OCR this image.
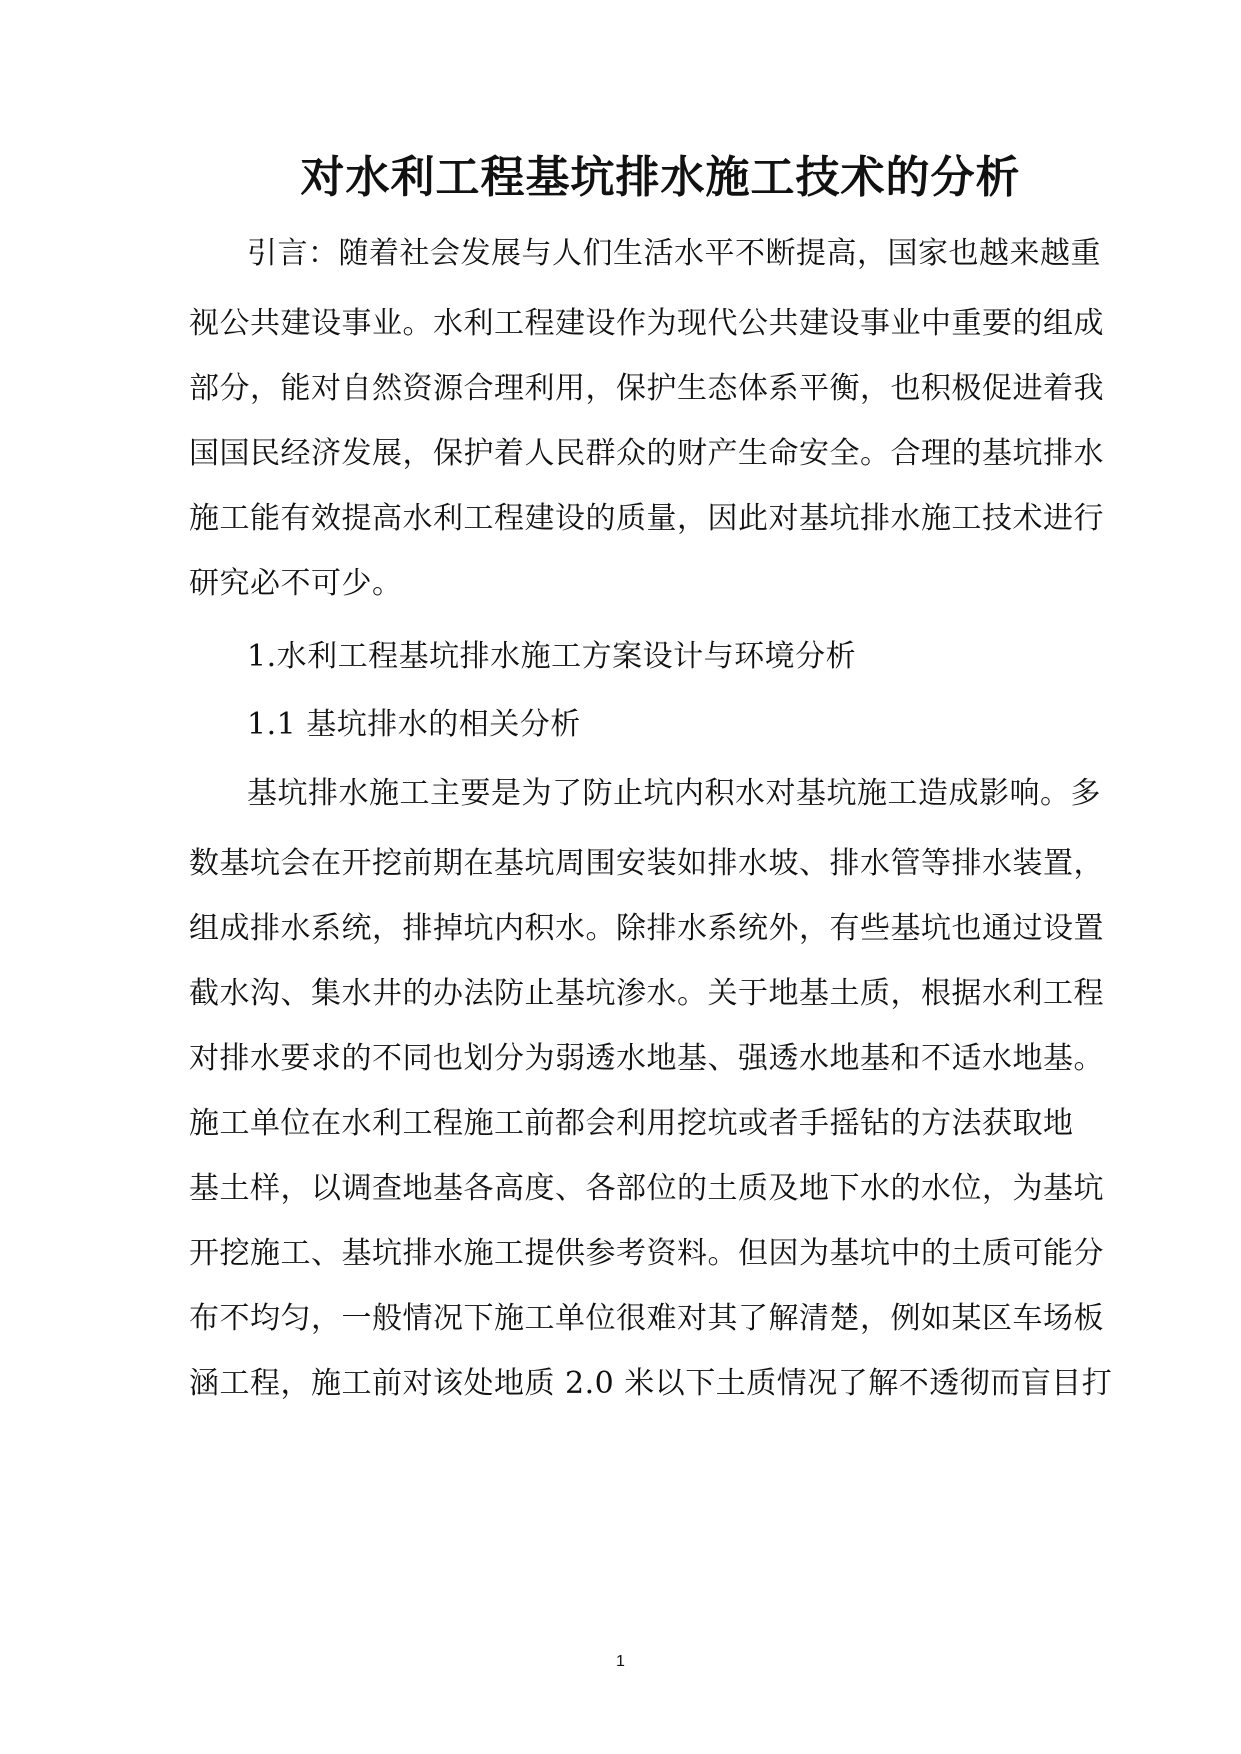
对水利工程基坑排水施工技术的分析
引言：随着社会发展与人们生活水平不断提高，国家也越来越重
视公共建设事业。水利工程建设作为现代公共建设事业中重要的组成
部分，能对自然资源合理利用，保护生态体系平衡，也积极促进着我
国国民经济发展，保护着人民群众的财产生命安全。合理的基坑排水
施工能有效提高水利工程建设的质量，因此对基坑排水施工技术进行
研究必不可少。
1.水利工程基坑排水施工方案设计与环境分析
1.1 基坑排水的相关分析
基坑排水施工主要是为了防止坑内积水对基坑施工造成影响。多
数基坑会在开挖前期在基坑周围安装如排水坡、排水管等排水装置，
组成排水系统，排掉坑内积水。除排水系统外，有些基坑也通过设置
截水沟、集水井的办法防止基坑渗水。关于地基土质，根据水利工程
对排水要求的不同也划分为弱透水地基、强透水地基和不适水地基。
施工单位在水利工程施工前都会利用挖坑或者手摇钻的方法获取地
基土样，以调查地基各高度、各部位的土质及地下水的水位，为基坑
开挖施工、基坑排水施工提供参考资料。但因为基坑中的土质可能分
布不均匀，一般情况下施工单位很难对其了解清楚，例如某区车场板
涵工程，施工前对该处地质 2.0 米以下土质情况了解不透彻而盲目打
1
